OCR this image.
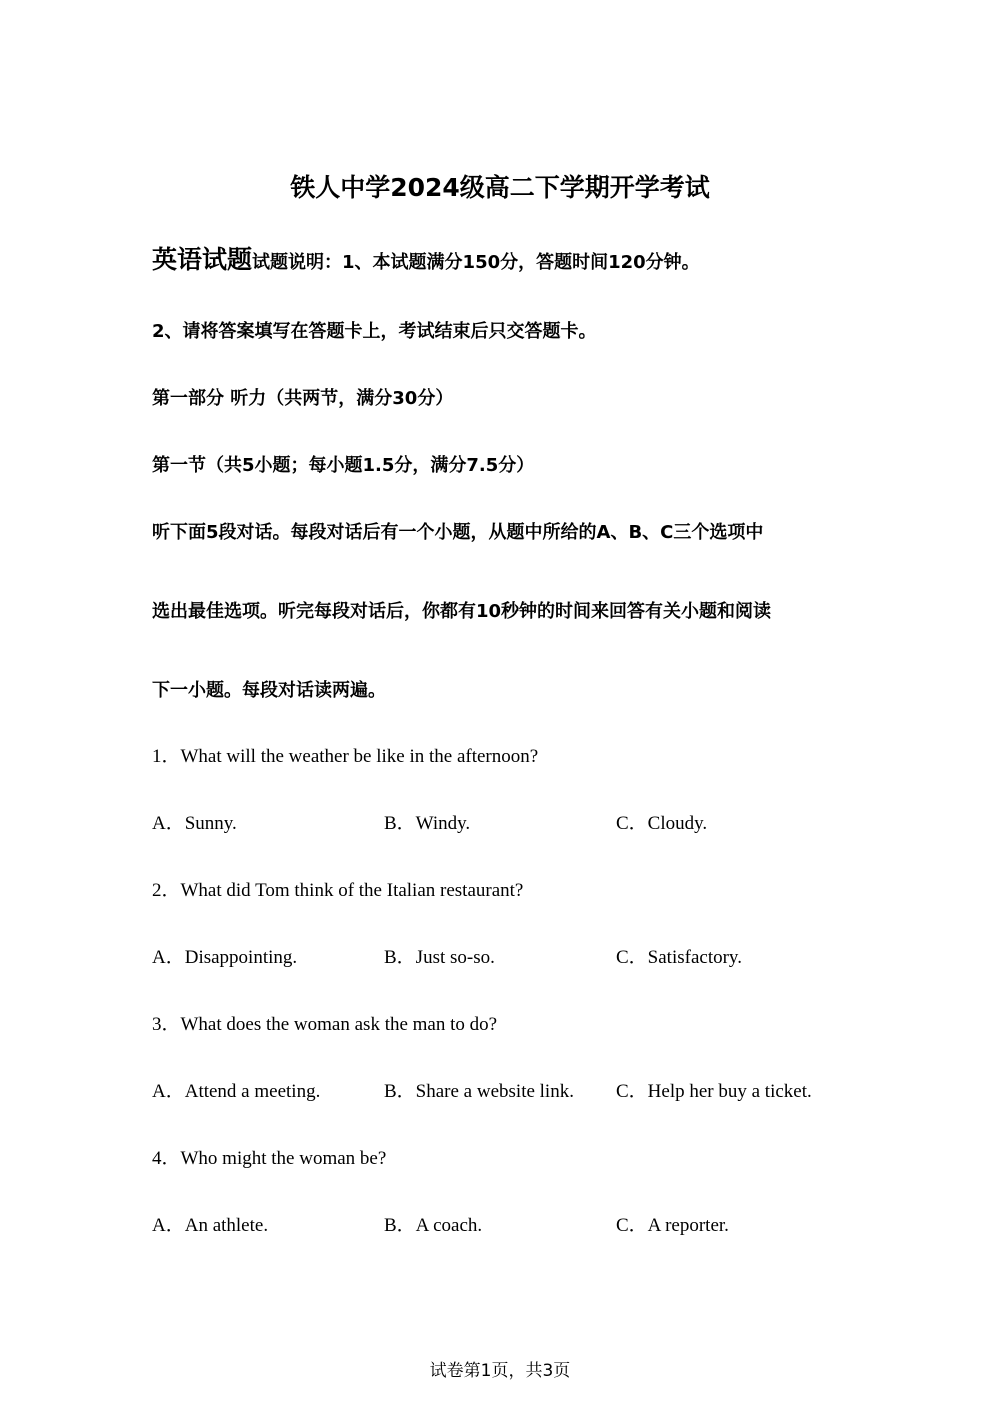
铁人中学2024级高二下学期开学考试
英语试题试题说明：1、本试题满分150分，答题时间120分钟。
2、请将答案填写在答题卡上，考试结束后只交答题卡。
第一部分 听力（共两节，满分30分）
第一节（共5小题；每小题1.5分，满分7.5分）
听下面5段对话。每段对话后有一个小题，从题中所给的A、B、C三个选项中
选出最佳选项。听完每段对话后，你都有10秒钟的时间来回答有关小题和阅读
下一小题。每段对话读两遍。
1．What will the weather be like in the afternoon?
A．Sunny.	B．Windy.	C．Cloudy.
2．What did Tom think of the Italian restaurant?
A．Disappointing.	B．Just so-so.	C．Satisfactory.
3．What does the woman ask the man to do?
A．Attend a meeting.	B．Share a website link. C．Help her buy a ticket.
4．Who might the woman be?
A．An athlete.	B．A coach.	C．A reporter.
试卷第1页，共3页
